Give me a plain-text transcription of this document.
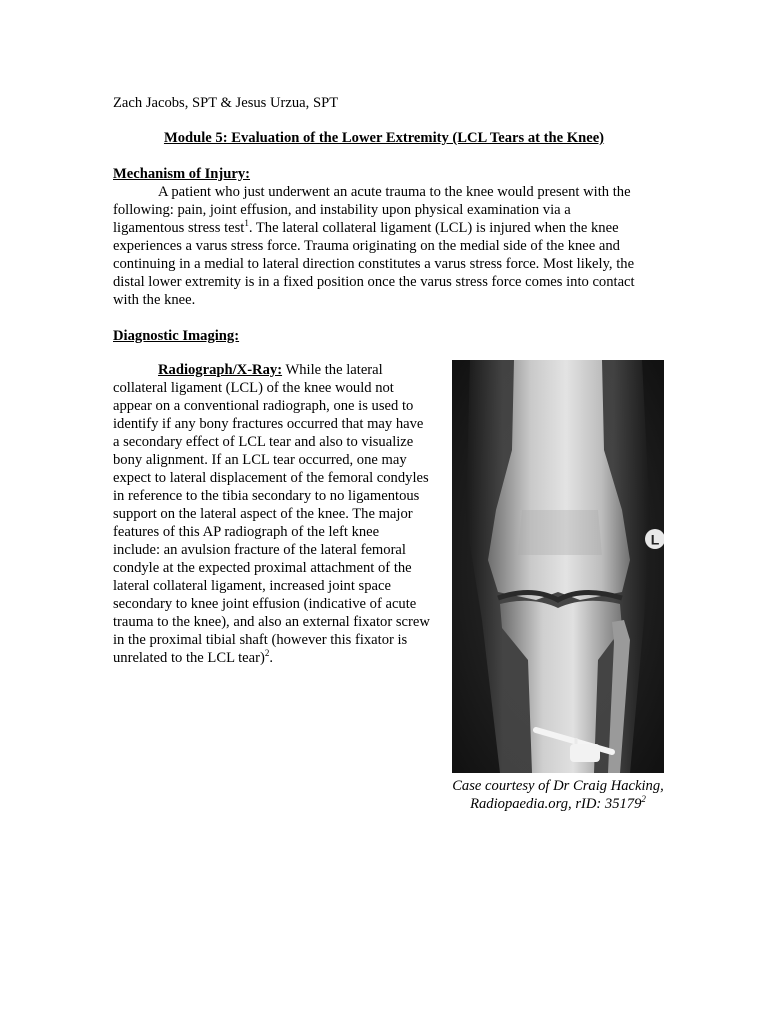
Zach Jacobs, SPT & Jesus Urzua, SPT
Module 5: Evaluation of the Lower Extremity (LCL Tears at the Knee)
Mechanism of Injury:
A patient who just underwent an acute trauma to the knee would present with the
following: pain, joint effusion, and instability upon physical examination via a
ligamentous stress test$^1$. The lateral collateral ligament (LCL) is injured when the knee
experiences a varus stress force. Trauma originating on the medial side of the knee and
continuing in a medial to lateral direction constitutes a varus stress force. Most likely, the
distal lower extremity is in a fixed position once the varus stress force comes into contact
with the knee.
Diagnostic Imaging:
Radiograph/X-Ray: While the lateral
collateral ligament (LCL) of the knee would not
appear on a conventional radiograph, one is used to
identify if any bony fractures occurred that may have
a secondary effect of LCL tear and also to visualize
bony alignment. If an LCL tear occurred, one may
expect to lateral displacement of the femoral condyles
in reference to the tibia secondary to no ligamentous
support on the lateral aspect of the knee. The major
features of this AP radiograph of the left knee
include: an avulsion fracture of the lateral femoral
condyle at the expected proximal attachment of the
lateral collateral ligament, increased joint space
secondary to knee joint effusion (indicative of acute
trauma to the knee), and also an external fixator screw
in the proximal tibial shaft (however this fixator is
unrelated to the LCL tear)$^2$.
L
Case courtesy of Dr Craig Hacking,
Radiopaedia.org, rID: 35179$^2$
